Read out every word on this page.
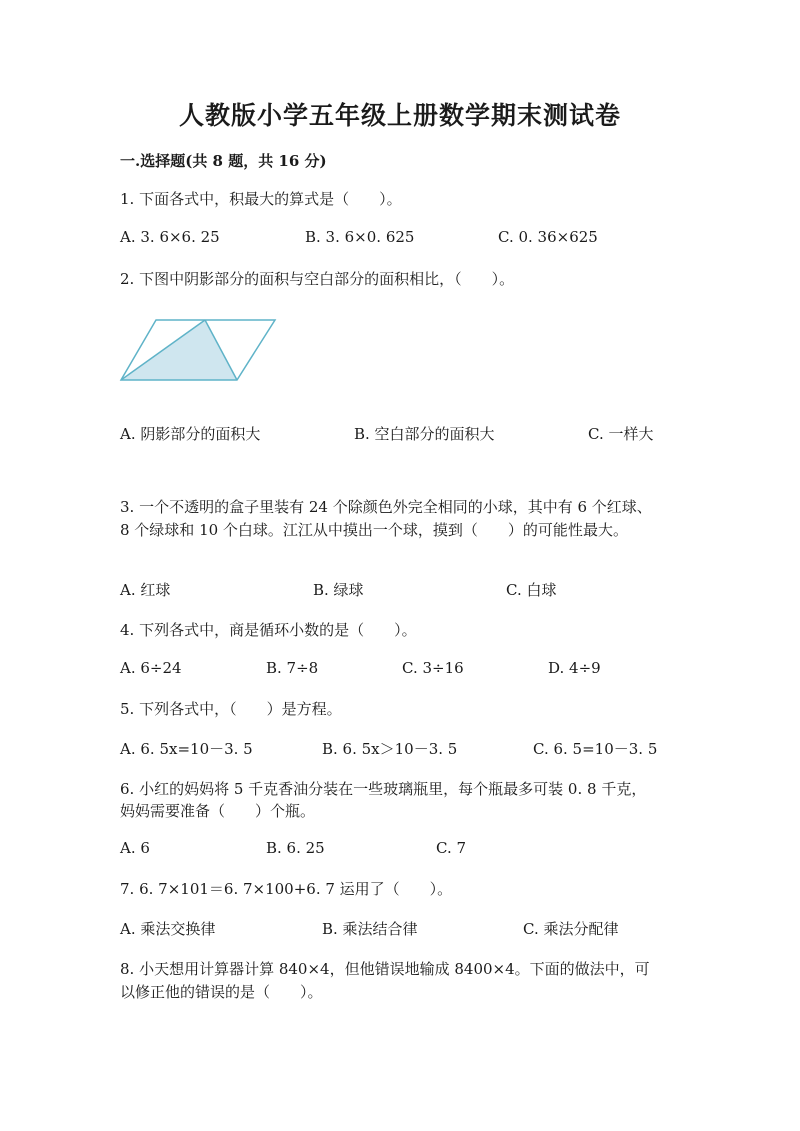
人教版小学五年级上册数学期末测试卷
一.选择题(共 8 题，共 16 分)
1. 下面各式中，积最大的算式是（　　）。
A. 3. 6×6. 25	B. 3. 6×0. 625	C. 0. 36×625
2. 下图中阴影部分的面积与空白部分的面积相比，（　　）。
A. 阴影部分的面积大	B. 空白部分的面积大	C. 一样大
3. 一个不透明的盒子里装有 24 个除颜色外完全相同的小球，其中有 6 个红球、
8 个绿球和 10 个白球。江江从中摸出一个球，摸到（　　）的可能性最大。
A. 红球	B. 绿球	C. 白球
4. 下列各式中，商是循环小数的是（　　）。
A. 6÷24	B. 7÷8	C. 3÷16	D. 4÷9
5. 下列各式中，（　　）是方程。
A. 6. 5x=10－3. 5	B. 6. 5x＞10－3. 5	C. 6. 5=10－3. 5
6. 小红的妈妈将 5 千克香油分装在一些玻璃瓶里，每个瓶最多可装 0. 8 千克，
妈妈需要准备（　　）个瓶。
A. 6	B. 6. 25	C. 7
7. 6. 7×101＝6. 7×100+6. 7 运用了（　　）。
A. 乘法交换律	B. 乘法结合律	C. 乘法分配律
8. 小天想用计算器计算 840×4，但他错误地输成 8400×4。下面的做法中，可
以修正他的错误的是（　　）。
